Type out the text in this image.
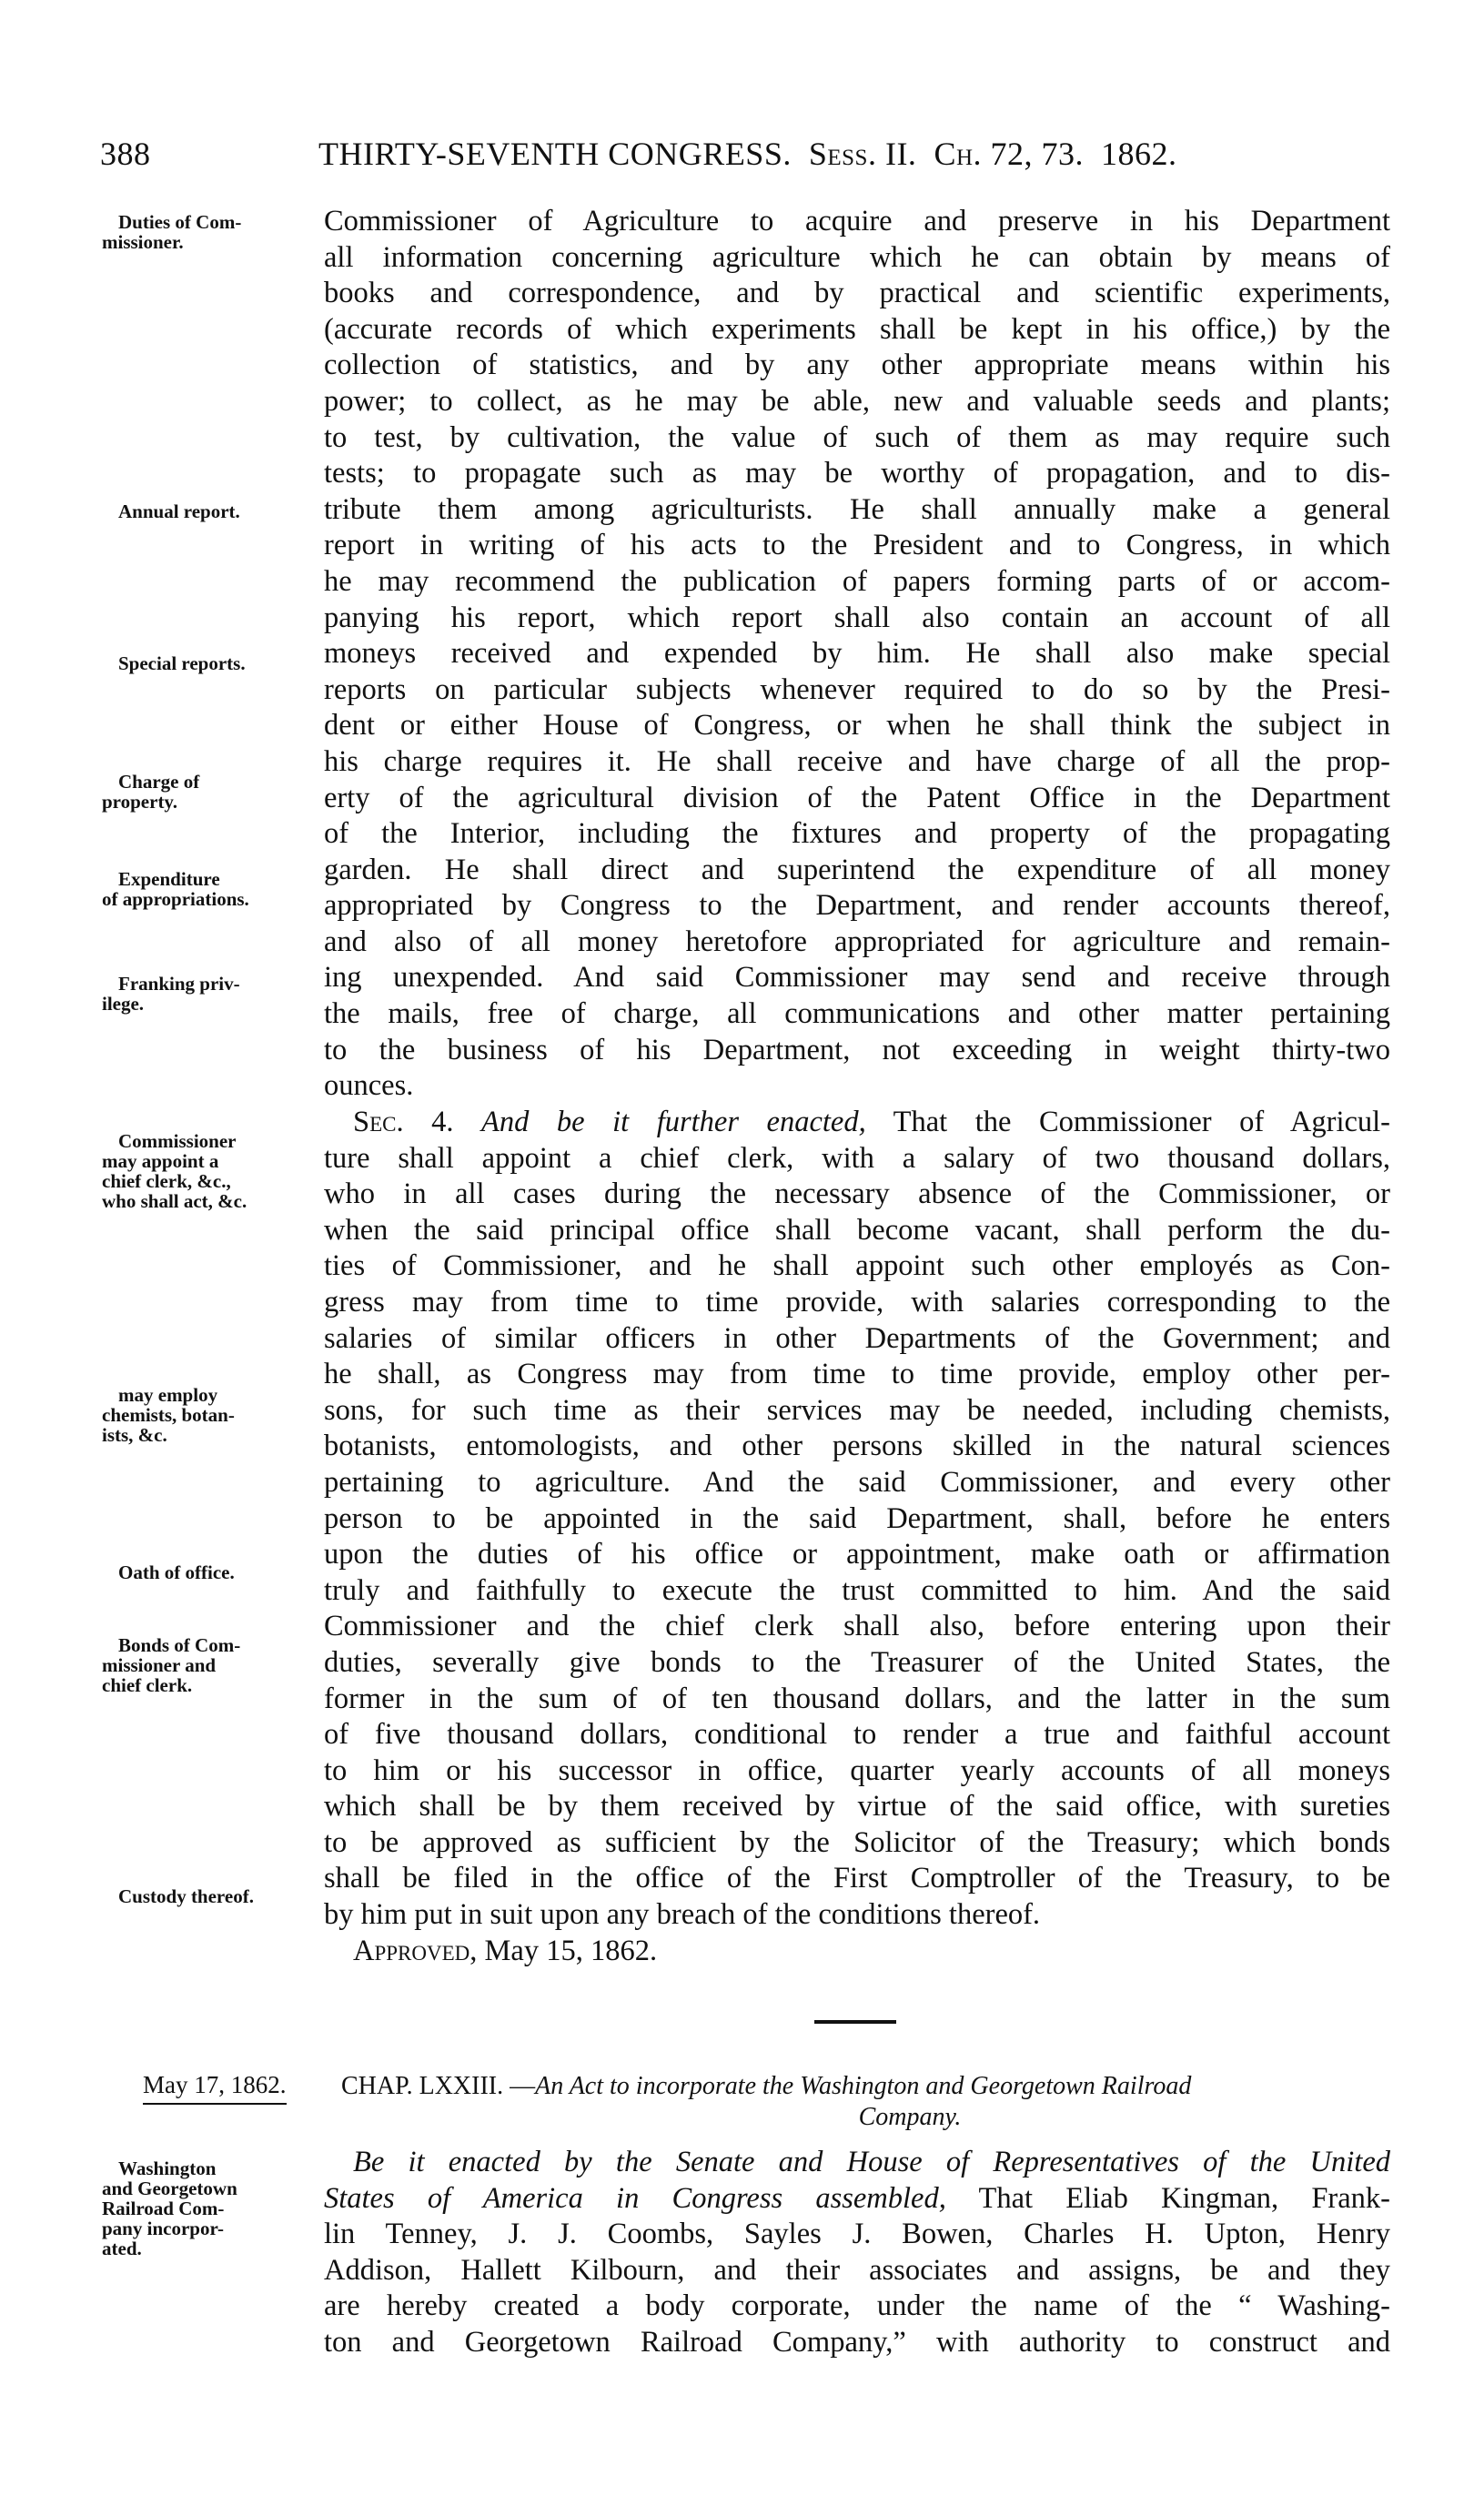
388	THIRTY-SEVENTH CONGRESS. Sess. II. Ch. 72, 73. 1862.
Duties of Com-
missioner.
Annual report.
Special reports.
Charge of
property.
Expenditure
of appropriations.
Franking priv-
ilege.
Commissioner
may appoint a
chief clerk, &c.,
who shall act, &c.
may employ
chemists, botan-
ists, &c.
Oath of office.
Bonds of Com-
missioner and
chief clerk.
Custody thereof.
Washington
and Georgetown
Railroad Com-
pany incorpor-
ated.
Commissioner of Agriculture to acquire and preserve in his Department
all information concerning agriculture which he can obtain by means of
books and correspondence, and by practical and scientific experiments,
(accurate records of which experiments shall be kept in his office,) by the
collection of statistics, and by any other appropriate means within his
power; to collect, as he may be able, new and valuable seeds and plants;
to test, by cultivation, the value of such of them as may require such
tests; to propagate such as may be worthy of propagation, and to dis-
tribute them among agriculturists. He shall annually make a general
report in writing of his acts to the President and to Congress, in which
he may recommend the publication of papers forming parts of or accom-
panying his report, which report shall also contain an account of all
moneys received and expended by him. He shall also make special
reports on particular subjects whenever required to do so by the Presi-
dent or either House of Congress, or when he shall think the subject in
his charge requires it. He shall receive and have charge of all the prop-
erty of the agricultural division of the Patent Office in the Department
of the Interior, including the fixtures and property of the propagating
garden. He shall direct and superintend the expenditure of all money
appropriated by Congress to the Department, and render accounts thereof,
and also of all money heretofore appropriated for agriculture and remain-
ing unexpended. And said Commissioner may send and receive through
the mails, free of charge, all communications and other matter pertaining
to the business of his Department, not exceeding in weight thirty-two
ounces.
Sec. 4. And be it further enacted, That the Commissioner of Agricul-
ture shall appoint a chief clerk, with a salary of two thousand dollars,
who in all cases during the necessary absence of the Commissioner, or
when the said principal office shall become vacant, shall perform the du-
ties of Commissioner, and he shall appoint such other employés as Con-
gress may from time to time provide, with salaries corresponding to the
salaries of similar officers in other Departments of the Government; and
he shall, as Congress may from time to time provide, employ other per-
sons, for such time as their services may be needed, including chemists,
botanists, entomologists, and other persons skilled in the natural sciences
pertaining to agriculture. And the said Commissioner, and every other
person to be appointed in the said Department, shall, before he enters
upon the duties of his office or appointment, make oath or affirmation
truly and faithfully to execute the trust committed to him. And the said
Commissioner and the chief clerk shall also, before entering upon their
duties, severally give bonds to the Treasurer of the United States, the
former in the sum of of ten thousand dollars, and the latter in the sum
of five thousand dollars, conditional to render a true and faithful account
to him or his successor in office, quarter yearly accounts of all moneys
which shall be by them received by virtue of the said office, with sureties
to be approved as sufficient by the Solicitor of the Treasury; which bonds
shall be filed in the office of the First Comptroller of the Treasury, to be
by him put in suit upon any breach of the conditions thereof.
Approved, May 15, 1862.
May 17, 1862. CHAP. LXXIII. —An Act to incorporate the Washington and Georgetown Railroad
Company.
Be it enacted by the Senate and House of Representatives of the United
States of America in Congress assembled, That Eliab Kingman, Frank-
lin Tenney, J. J. Coombs, Sayles J. Bowen, Charles H. Upton, Henry
Addison, Hallett Kilbourn, and their associates and assigns, be and they
are hereby created a body corporate, under the name of the “ Washing-
ton and Georgetown Railroad Company,” with authority to construct and
